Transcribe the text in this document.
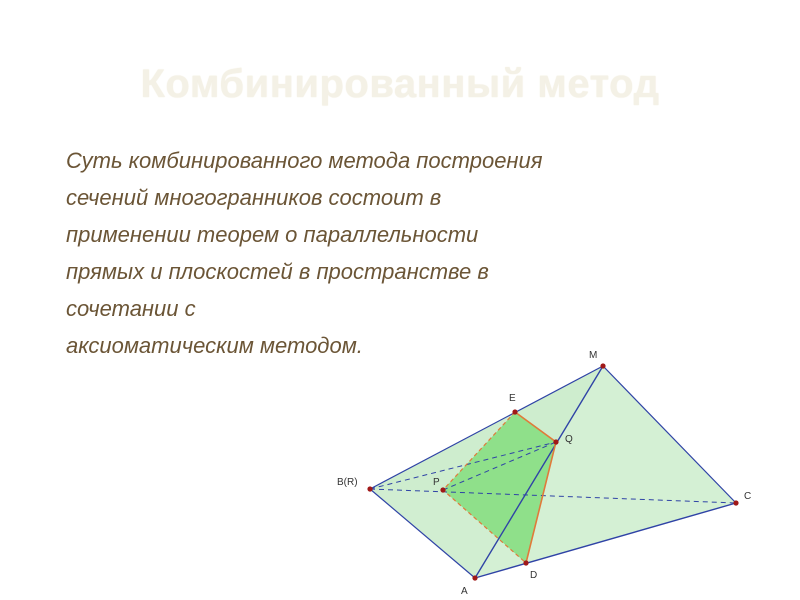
Комбинированный метод
Суть комбинированного метода построения
сечений многогранников состоит в
применении теорем о параллельности
прямых и плоскостей в пространстве в
сочетании с
аксиоматическим методом.	M
E
Q
B(R)	P
C
A
D
